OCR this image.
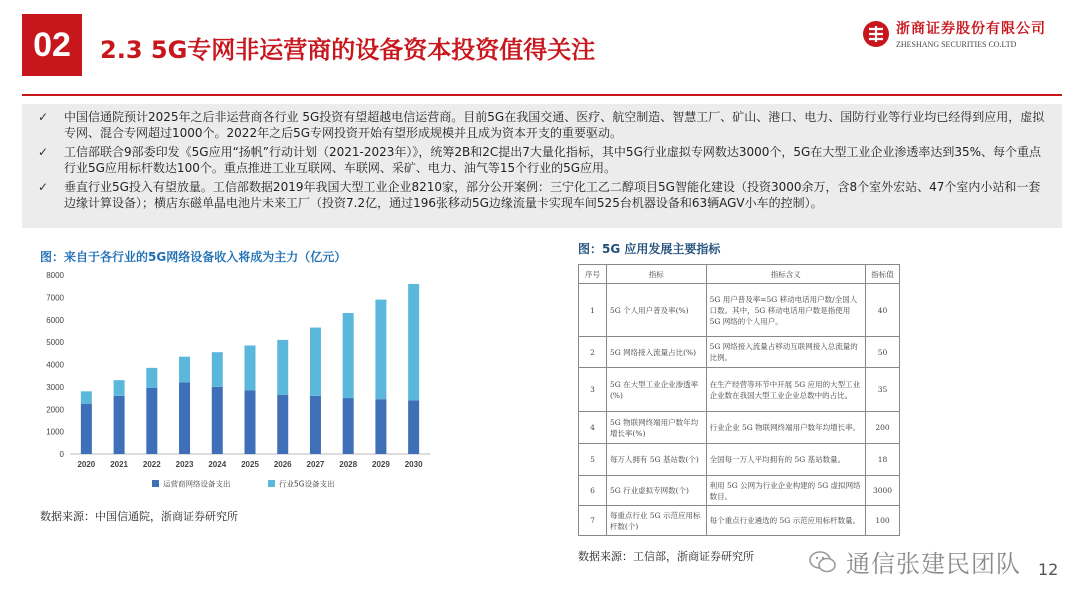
02	2.3 5G专网非运营商的设备资本投资值得关注
浙商证券股份有限公司
ZHESHANG SECURITIES CO.LTD
✓	中国信通院预计2025年之后非运营商各行业 5G投资有望超越电信运营商。目前5G在我国交通、医疗、航空制造、智慧工厂、矿山、港口、电力、国防行业等行业均已经得到应用，虚拟专网、混合专网超过1000个。2022年之后5G专网投资开始有望形成规模并且成为资本开支的重要驱动。
✓	工信部联合9部委印发《5G应用“扬帆”行动计划（2021-2023年）》，统筹2B和2C提出7大量化指标，其中5G行业虚拟专网数达3000个，5G在大型工业企业渗透率达到35%、每个重点行业5G应用标杆数达100个。重点推进工业互联网、车联网、采矿、电力、油气等15个行业的5G应用。
✓	垂直行业5G投入有望放量。工信部数据2019年我国大型工业企业8210家，部分公开案例：三宁化工乙二醇项目5G智能化建设（投资3000余万，含8个室外宏站、47个室内小站和一套边缘计算设备）；横店东磁单晶电池片未来工厂（投资7.2亿，通过196张移动5G边缘流量卡实现车间525台机器设备和63辆AGV小车的控制）。
图：来自于各行业的5G网络设备收入将成为主力（亿元）
0
1000
2000
3000
4000
5000
6000
7000
8000
2020 2021 2022 2023 2024 2025 2026 2027 2028 2029 2030
运营商网络设备支出	行业5G设备支出
数据来源：中国信通院，浙商证券研究所
图：5G 应用发展主要指标
序号	指标	指标含义	指标值
1	5G 个人用户普及率(%)	5G 用户普及率=5G 移动电话用户数/全国人口数。其中，5G 移动电话用户数是指使用 5G 网络的个人用户。	40
2	5G 网络接入流量占比(%)	5G 网络接入流量占移动互联网接入总流量的比例。	50
3	5G 在大型工业企业渗透率(%)	在生产经营等环节中开展 5G 应用的大型工业企业数在我国大型工业企业总数中的占比。	35
4	5G 物联网终端用户数年均增长率(%)	行业企业 5G 物联网终端用户数年均增长率。	200
5	每万人拥有 5G 基站数(个)	全国每一万人平均拥有的 5G 基站数量。	18
6	5G 行业虚拟专网数(个)	利用 5G 公网为行业企业构建的 5G 虚拟网络数目。	3000
7	每重点行业 5G 示范应用标杆数(个)	每个重点行业遴选的 5G 示范应用标杆数量。	100
数据来源：工信部，浙商证券研究所	通信张建民团队 12
